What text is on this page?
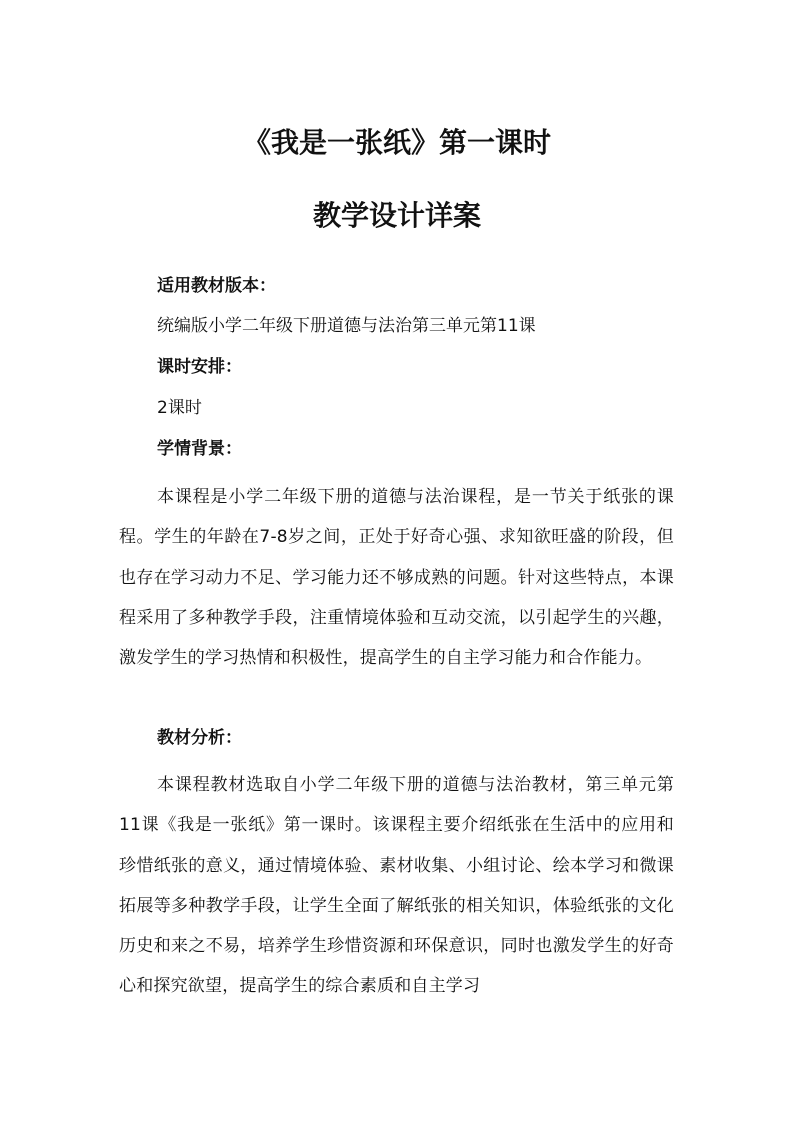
《我是一张纸》第一课时
教学设计详案

适用教材版本：

统编版小学二年级下册道德与法治第三单元第11课

课时安排：

2课时

学情背景：

本课程是小学二年级下册的道德与法治课程，是一节关于纸张的课程。学生的年龄在7-8岁之间，正处于好奇心强、求知欲旺盛的阶段，但也存在学习动力不足、学习能力还不够成熟的问题。针对这些特点，本课程采用了多种教学手段，注重情境体验和互动交流，以引起学生的兴趣，激发学生的学习热情和积极性，提高学生的自主学习能力和合作能力。

教材分析：

本课程教材选取自小学二年级下册的道德与法治教材，第三单元第11课《我是一张纸》第一课时。该课程主要介绍纸张在生活中的应用和珍惜纸张的意义，通过情境体验、素材收集、小组讨论、绘本学习和微课拓展等多种教学手段，让学生全面了解纸张的相关知识，体验纸张的文化历史和来之不易，培养学生珍惜资源和环保意识，同时也激发学生的好奇心和探究欲望，提高学生的综合素质和自主学习
